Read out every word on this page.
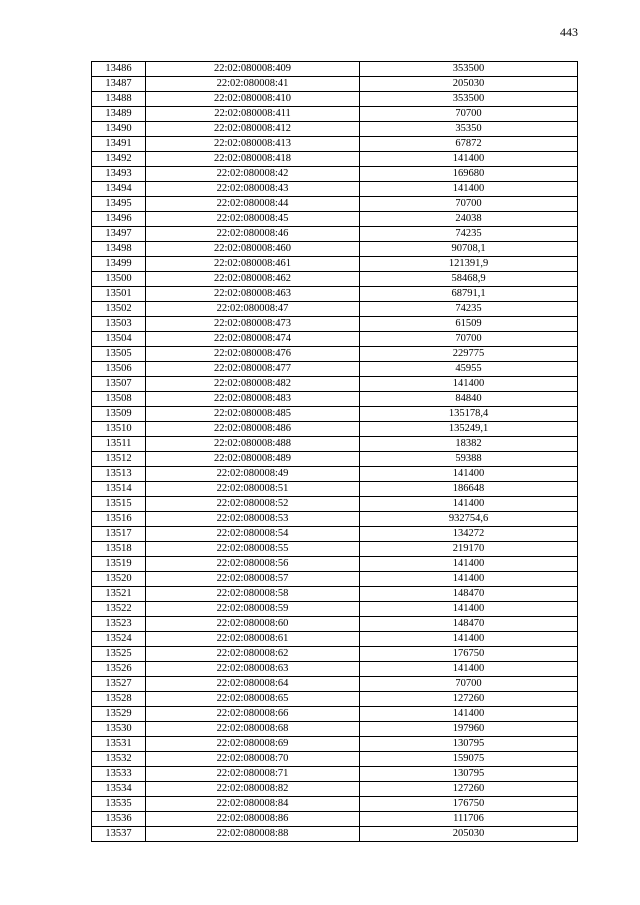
443
13486	22:02:080008:409	353500
13487	22:02:080008:41	205030
13488	22:02:080008:410	353500
13489	22:02:080008:411	70700
13490	22:02:080008:412	35350
13491	22:02:080008:413	67872
13492	22:02:080008:418	141400
13493	22:02:080008:42	169680
13494	22:02:080008:43	141400
13495	22:02:080008:44	70700
13496	22:02:080008:45	24038
13497	22:02:080008:46	74235
13498	22:02:080008:460	90708,1
13499	22:02:080008:461	121391,9
13500	22:02:080008:462	58468,9
13501	22:02:080008:463	68791,1
13502	22:02:080008:47	74235
13503	22:02:080008:473	61509
13504	22:02:080008:474	70700
13505	22:02:080008:476	229775
13506	22:02:080008:477	45955
13507	22:02:080008:482	141400
13508	22:02:080008:483	84840
13509	22:02:080008:485	135178,4
13510	22:02:080008:486	135249,1
13511	22:02:080008:488	18382
13512	22:02:080008:489	59388
13513	22:02:080008:49	141400
13514	22:02:080008:51	186648
13515	22:02:080008:52	141400
13516	22:02:080008:53	932754,6
13517	22:02:080008:54	134272
13518	22:02:080008:55	219170
13519	22:02:080008:56	141400
13520	22:02:080008:57	141400
13521	22:02:080008:58	148470
13522	22:02:080008:59	141400
13523	22:02:080008:60	148470
13524	22:02:080008:61	141400
13525	22:02:080008:62	176750
13526	22:02:080008:63	141400
13527	22:02:080008:64	70700
13528	22:02:080008:65	127260
13529	22:02:080008:66	141400
13530	22:02:080008:68	197960
13531	22:02:080008:69	130795
13532	22:02:080008:70	159075
13533	22:02:080008:71	130795
13534	22:02:080008:82	127260
13535	22:02:080008:84	176750
13536	22:02:080008:86	111706
13537	22:02:080008:88	205030
